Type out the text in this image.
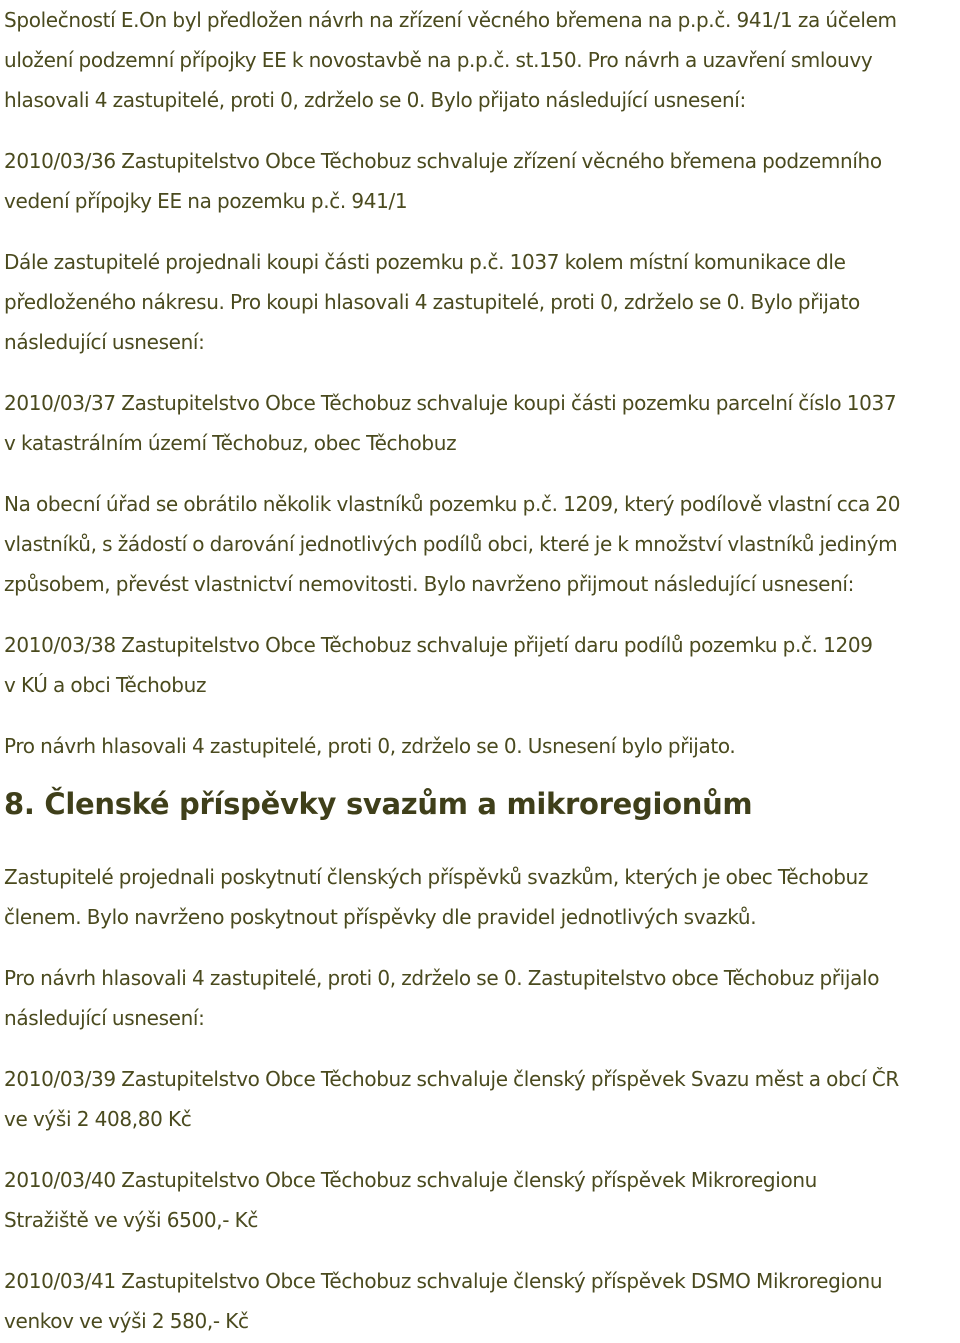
Společností E.On byl předložen návrh na zřízení věcného břemena na p.p.č. 941/1 za účelem
uložení podzemní přípojky EE k novostavbě na p.p.č. st.150. Pro návrh a uzavření smlouvy
hlasovali 4 zastupitelé, proti 0, zdrželo se 0. Bylo přijato následující usnesení:

2010/03/36 Zastupitelstvo Obce Těchobuz schvaluje zřízení věcného břemena podzemního
vedení přípojky EE na pozemku p.č. 941/1

Dále zastupitelé projednali koupi části pozemku p.č. 1037 kolem místní komunikace dle
předloženého nákresu. Pro koupi hlasovali 4 zastupitelé, proti 0, zdrželo se 0. Bylo přijato
následující usnesení:

2010/03/37 Zastupitelstvo Obce Těchobuz schvaluje koupi části pozemku parcelní číslo 1037
v katastrálním území Těchobuz, obec Těchobuz

Na obecní úřad se obrátilo několik vlastníků pozemku p.č. 1209, který podílově vlastní cca 20
vlastníků, s žádostí o darování jednotlivých podílů obci, které je k množství vlastníků jediným
způsobem, převést vlastnictví nemovitosti. Bylo navrženo přijmout následující usnesení:

2010/03/38 Zastupitelstvo Obce Těchobuz schvaluje přijetí daru podílů pozemku p.č. 1209
v KÚ a obci Těchobuz

Pro návrh hlasovali 4 zastupitelé, proti 0, zdrželo se 0. Usnesení bylo přijato.

8. Členské příspěvky svazům a mikroregionům

Zastupitelé projednali poskytnutí členských příspěvků svazkům, kterých je obec Těchobuz
členem. Bylo navrženo poskytnout příspěvky dle pravidel jednotlivých svazků.

Pro návrh hlasovali 4 zastupitelé, proti 0, zdrželo se 0. Zastupitelstvo obce Těchobuz přijalo
následující usnesení:

2010/03/39 Zastupitelstvo Obce Těchobuz schvaluje členský příspěvek Svazu měst a obcí ČR
ve výši 2 408,80 Kč

2010/03/40 Zastupitelstvo Obce Těchobuz schvaluje členský příspěvek Mikroregionu
Stražiště ve výši 6500,- Kč

2010/03/41 Zastupitelstvo Obce Těchobuz schvaluje členský příspěvek DSMO Mikroregionu
venkov ve výši 2 580,- Kč
